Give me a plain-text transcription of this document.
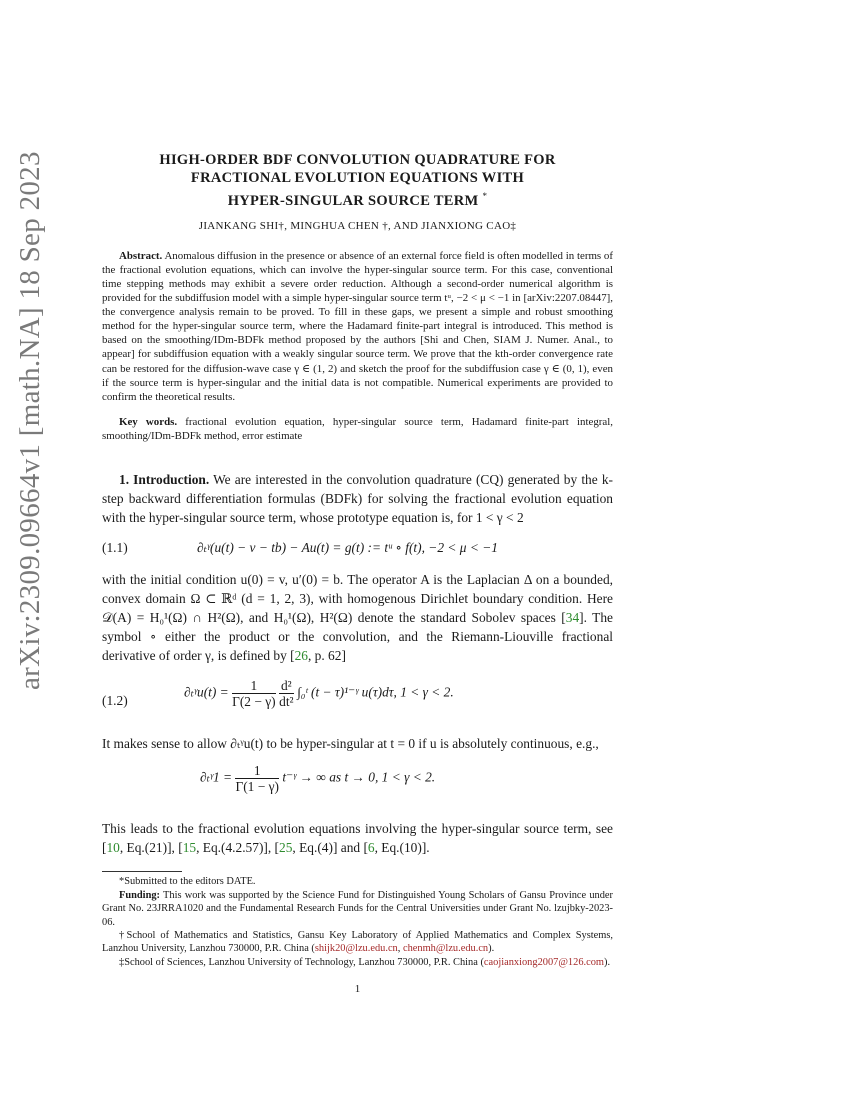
arXiv:2309.09664v1 [math.NA] 18 Sep 2023	HIGH-ORDER BDF CONVOLUTION QUADRATURE FOR
FRACTIONAL EVOLUTION EQUATIONS WITH
HYPER-SINGULAR SOURCE TERM *
JIANKANG SHI†, MINGHUA CHEN †, AND JIANXIONG CAO‡
Abstract. Anomalous diffusion in the presence or absence of an external force field is often modelled in terms of the fractional evolution equations, which can involve the hyper-singular source term. For this case, conventional time stepping methods may exhibit a severe order reduction. Although a second-order numerical algorithm is provided for the subdiffusion model with a simple hyper-singular source term tᵘ, −2 < μ < −1 in [arXiv:2207.08447], the convergence analysis remain to be proved. To fill in these gaps, we present a simple and robust smoothing method for the hyper-singular source term, where the Hadamard finite-part integral is introduced. This method is based on the smoothing/IDm-BDFk method proposed by the authors [Shi and Chen, SIAM J. Numer. Anal., to appear] for subdiffusion equation with a weakly singular source term. We prove that the kth-order convergence rate can be restored for the diffusion-wave case γ ∈ (1, 2) and sketch the proof for the subdiffusion case γ ∈ (0, 1), even if the source term is hyper-singular and the initial data is not compatible. Numerical experiments are provided to confirm the theoretical results.
Key words. fractional evolution equation, hyper-singular source term, Hadamard finite-part integral, smoothing/IDm-BDFk method, error estimate
1. Introduction. We are interested in the convolution quadrature (CQ) generated by the k-step backward differentiation formulas (BDFk) for solving the fractional evolution equation with the hyper-singular source term, whose prototype equation is, for 1 < γ < 2
(1.1)	∂ₜᵞ(u(t) − v − tb) − Au(t) = g(t) := tᵘ ∘ f(t), −2 < μ < −1
with the initial condition u(0) = v, u′(0) = b. The operator A is the Laplacian Δ on a bounded, convex domain Ω ⊂ ℝᵈ (d = 1, 2, 3), with homogenous Dirichlet boundary condition. Here 𝒟(A) = H₀¹(Ω) ∩ H²(Ω), and H₀¹(Ω), H²(Ω) denote the standard Sobolev spaces [34]. The symbol ∘ either the product or the convolution, and the Riemann-Liouville fractional derivative of order γ, is defined by [26, p. 62]
(1.2)
∂ₜᵞu(t) = $\frac{1}{\Gamma(2 - \gamma)}$
$\frac{\text{d²}}{\text{dt²}}$ ∫₀ᵗ (t − τ)¹⁻ᵞ u(τ)dτ, 1 < γ < 2.
It makes sense to allow ∂ₜᵞu(t) to be hyper-singular at t = 0 if u is absolutely continuous, e.g.,
∂ₜᵞ1 = $\frac{1}{\Gamma(1 - \gamma)}$ t⁻ᵞ → ∞ as t → 0, 1 < γ < 2.
This leads to the fractional evolution equations involving the hyper-singular source term, see [10, Eq.(21)], [15, Eq.(4.2.57)], [25, Eq.(4)] and [6, Eq.(10)].
*Submitted to the editors DATE.
Funding: This work was supported by the Science Fund for Distinguished Young Scholars of Gansu Province under Grant No. 23JRRA1020 and the Fundamental Research Funds for the Central Universities under Grant No. lzujbky-2023-06.
†School of Mathematics and Statistics, Gansu Key Laboratory of Applied Mathematics and Complex Systems, Lanzhou University, Lanzhou 730000, P.R. China (shijk20@lzu.edu.cn, chenmh@lzu.edu.cn).
‡School of Sciences, Lanzhou University of Technology, Lanzhou 730000, P.R. China (caojianxiong2007@126.com).
1
